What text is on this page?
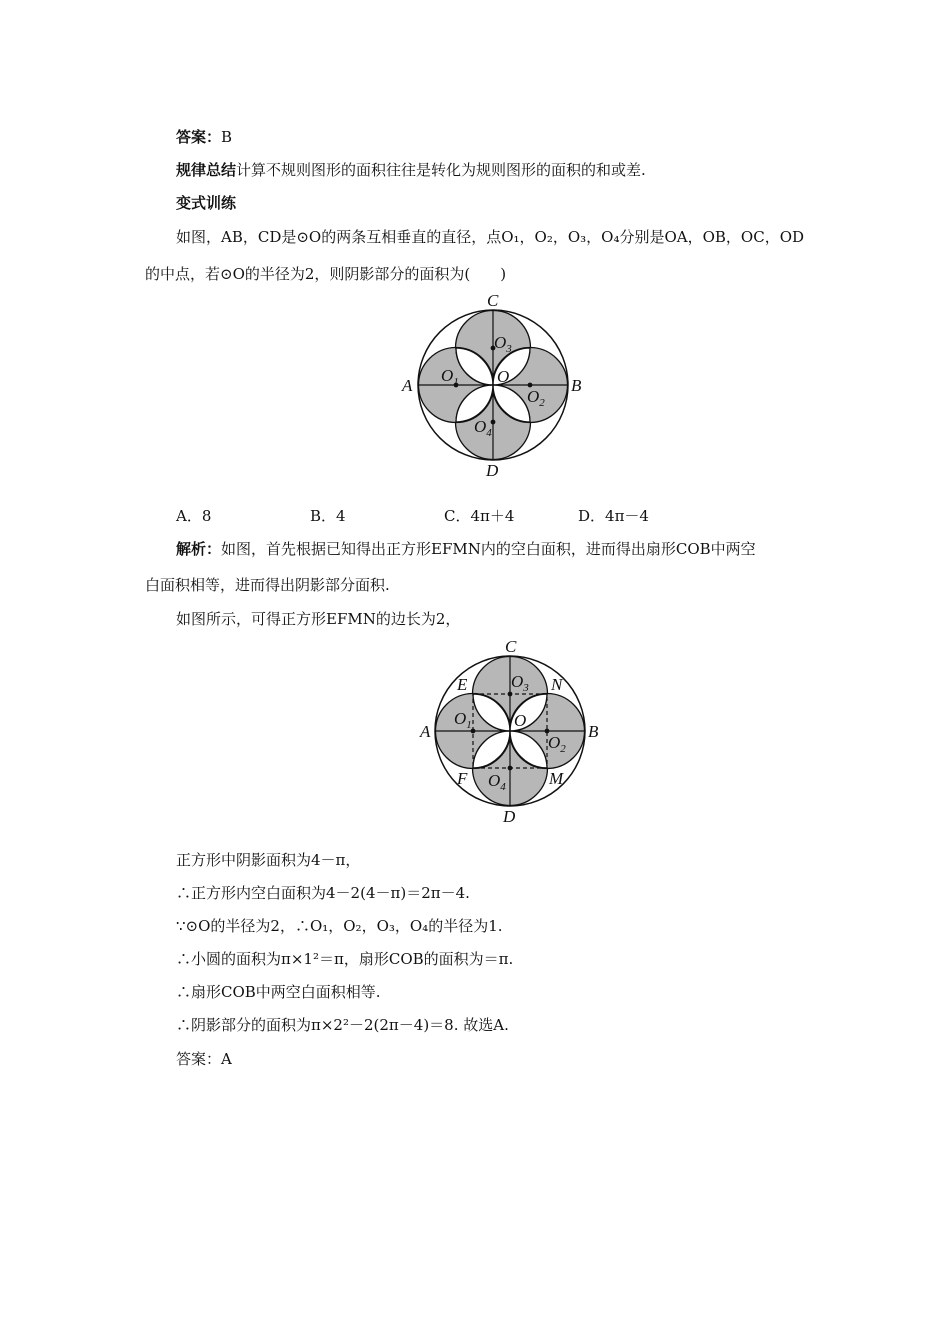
答案：B
规律总结计算不规则图形的面积往往是转化为规则图形的面积的和或差.
变式训练
如图，AB，CD是⊙O的两条互相垂直的直径，点O₁，O₂，O₃，O₄分别是OA，OB，OC，OD
的中点，若⊙O的半径为2，则阴影部分的面积为(　　)
C
A	B
D
O
$O_1$
$O_2$
$O_3$
$O_4$
A．8	B．4	C．4π＋4	D．4π－4
解析：如图，首先根据已知得出正方形EFMN内的空白面积，进而得出扇形COB中两空
白面积相等，进而得出阴影部分面积.
如图所示，可得正方形EFMN的边长为2，
C
A	B
D
O
E	N
F	M
$O_1$
$O_2$
$O_3$
$O_4$
正方形中阴影面积为4－π，
∴正方形内空白面积为4－2(4－π)＝2π－4.
∵⊙O的半径为2，∴O₁，O₂，O₃，O₄的半径为1.
∴小圆的面积为π×1²＝π，扇形COB的面积为＝π.
∴扇形COB中两空白面积相等.
∴阴影部分的面积为π×2²－2(2π－4)＝8. 故选A.
答案：A
